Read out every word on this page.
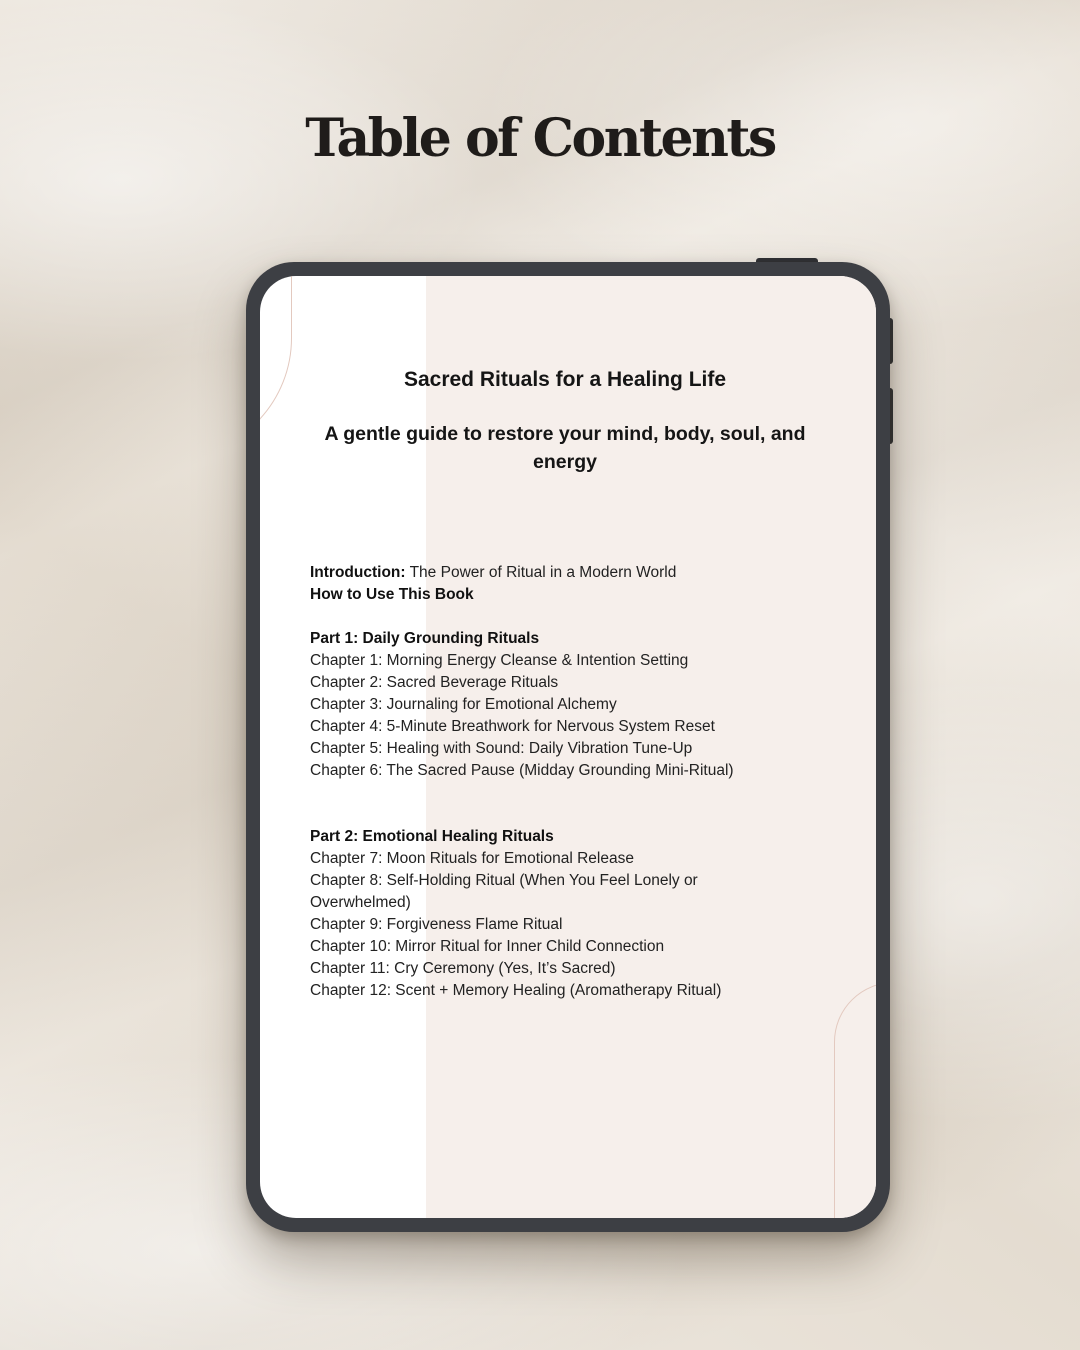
Table of Contents
Sacred Rituals for a Healing Life

A gentle guide to restore your mind, body, soul, and energy

Introduction: The Power of Ritual in a Modern World

How to Use This Book

Part 1: Daily Grounding Rituals

Chapter 1: Morning Energy Cleanse & Intention Setting

Chapter 2: Sacred Beverage Rituals

Chapter 3: Journaling for Emotional Alchemy

Chapter 4: 5-Minute Breathwork for Nervous System Reset

Chapter 5: Healing with Sound: Daily Vibration Tune-Up

Chapter 6: The Sacred Pause (Midday Grounding Mini-Ritual)

Part 2: Emotional Healing Rituals

Chapter 7: Moon Rituals for Emotional Release

Chapter 8: Self-Holding Ritual (When You Feel Lonely or Overwhelmed)

Chapter 9: Forgiveness Flame Ritual

Chapter 10: Mirror Ritual for Inner Child Connection

Chapter 11: Cry Ceremony (Yes, It’s Sacred)

Chapter 12: Scent + Memory Healing (Aromatherapy Ritual)
